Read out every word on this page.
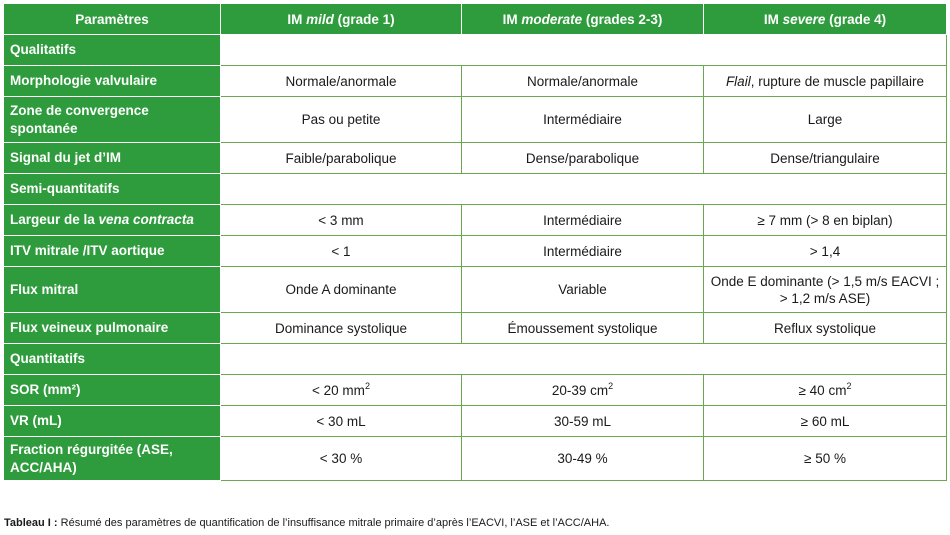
Paramètres	IM mild (grade 1)	IM moderate (grades 2-3)	IM severe (grade 4)
Qualitatifs			
Morphologie valvulaire	Normale/anormale	Normale/anormale	Flail, rupture de muscle papillaire
Zone de convergence spontanée	Pas ou petite	Intermédiaire	Large
Signal du jet d’IM	Faible/parabolique	Dense/parabolique	Dense/triangulaire
Semi-quantitatifs			
Largeur de la vena contracta	< 3 mm	Intermédiaire	≥ 7 mm (> 8 en biplan)
ITV mitrale /ITV aortique	< 1	Intermédiaire	> 1,4
Flux mitral	Onde A dominante	Variable	Onde E dominante (> 1,5 m/s EACVI ; > 1,2 m/s ASE)
Flux veineux pulmonaire	Dominance systolique	Émoussement systolique	Reflux systolique
Quantitatifs			
SOR (mm²)	< 20 $mm^2$	20-39 $cm^2$	≥ 40 $cm^2$
VR (mL)	< 30 mL	30-59 mL	≥ 60 mL
Fraction régurgitée (ASE, ACC/AHA)	< 30 %	30-49 %	≥ 50 %
Tableau I : Résumé des paramètres de quantification de l’insuffisance mitrale primaire d’après l’EACVI, l’ASE et l’ACC/AHA.
